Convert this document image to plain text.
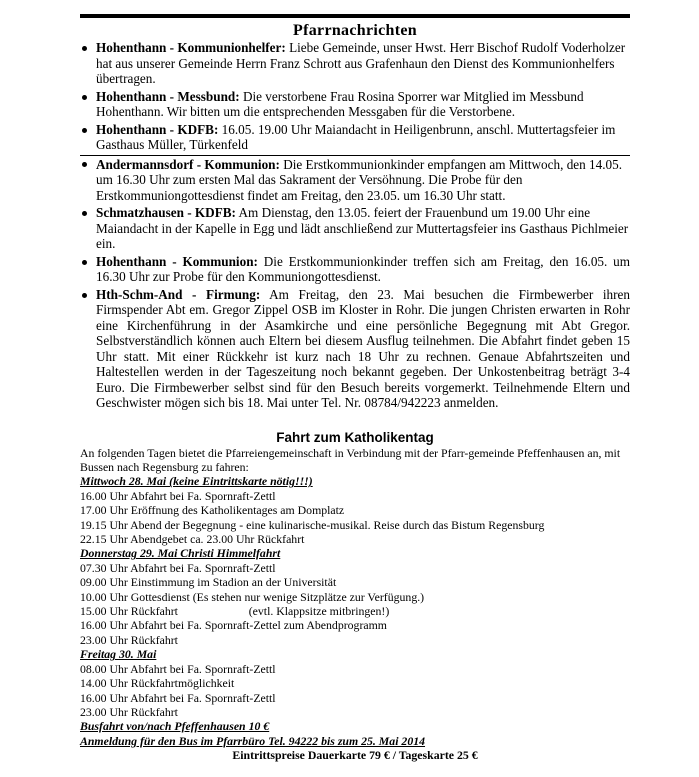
Pfarrnachrichten
Hohenthann - Kommunionhelfer: Liebe Gemeinde, unser Hwst. Herr Bischof Rudolf Voderholzer hat aus unserer Gemeinde Herrn Franz Schrott aus Grafenhaun den Dienst des Kommunionhelfers übertragen.
Hohenthann - Messbund: Die verstorbene Frau Rosina Sporrer war Mitglied im Messbund Hohenthann. Wir bitten um die entsprechenden Messgaben für die Verstorbene.
Hohenthann - KDFB: 16.05. 19.00 Uhr Maiandacht in Heiligenbrunn, anschl. Muttertagsfeier im Gasthaus Müller, Türkenfeld
Andermannsdorf - Kommunion: Die Erstkommunionkinder empfangen am Mittwoch, den 14.05. um 16.30 Uhr zum ersten Mal das Sakrament der Versöhnung. Die Probe für den Erstkommuniongottesdienst findet am Freitag, den 23.05. um 16.30 Uhr statt.
Schmatzhausen - KDFB: Am Dienstag, den 13.05. feiert der Frauenbund um 19.00 Uhr eine Maiandacht in der Kapelle in Egg und lädt anschließend zur Muttertagsfeier ins Gasthaus Pichlmeier ein.
Hohenthann - Kommunion: Die Erstkommunionkinder treffen sich am Freitag, den 16.05. um 16.30 Uhr zur Probe für den Kommuniongottesdienst.
Hth-Schm-And - Firmung: Am Freitag, den 23. Mai besuchen die Firmbewerber ihren Firmspender Abt em. Gregor Zippel OSB im Kloster in Rohr. Die jungen Christen erwarten in Rohr eine Kirchenführung in der Asamkirche und eine persönliche Begegnung mit Abt Gregor. Selbstverständlich können auch Eltern bei diesem Ausflug teilnehmen. Die Abfahrt findet geben 15 Uhr statt. Mit einer Rückkehr ist kurz nach 18 Uhr zu rechnen. Genaue Abfahrtszeiten und Haltestellen werden in der Tageszeitung noch bekannt gegeben. Der Unkostenbeitrag beträgt 3-4 Euro. Die Firmbewerber selbst sind für den Besuch bereits vorgemerkt. Teilnehmende Eltern und Geschwister mögen sich bis 18. Mai unter Tel. Nr. 08784/942223 anmelden.
Fahrt zum Katholikentag
An folgenden Tagen bietet die Pfarreiengemeinschaft in Verbindung mit der Pfarr-gemeinde Pfeffenhausen an, mit Bussen nach Regensburg zu fahren:
Mittwoch 28. Mai (keine Eintrittskarte nötig!!!)
16.00 Uhr Abfahrt bei Fa. Spornraft-Zettl
17.00 Uhr Eröffnung des Katholikentages am Domplatz
19.15 Uhr Abend der Begegnung - eine kulinarische-musikal. Reise durch das Bistum Regensburg
22.15 Uhr Abendgebet ca. 23.00 Uhr Rückfahrt
Donnerstag 29. Mai Christi Himmelfahrt
07.30 Uhr Abfahrt bei Fa. Spornraft-Zettl
09.00 Uhr Einstimmung im Stadion an der Universität
10.00 Uhr Gottesdienst (Es stehen nur wenige Sitzplätze zur Verfügung.)
15.00 Uhr Rückfahrt                        (evtl. Klappsitze mitbringen!)
16.00 Uhr Abfahrt bei Fa. Spornraft-Zettel zum Abendprogramm
23.00 Uhr Rückfahrt
Freitag 30. Mai
08.00 Uhr Abfahrt bei Fa. Spornraft-Zettl
14.00 Uhr Rückfahrtmöglichkeit
16.00 Uhr Abfahrt bei Fa. Spornraft-Zettl
23.00 Uhr Rückfahrt
Busfahrt von/nach Pfeffenhausen 10 €
Anmeldung für den Bus im Pfarrbüro Tel. 94222 bis zum 25. Mai 2014
Eintrittspreise Dauerkarte 79 € / Tageskarte 25 €
